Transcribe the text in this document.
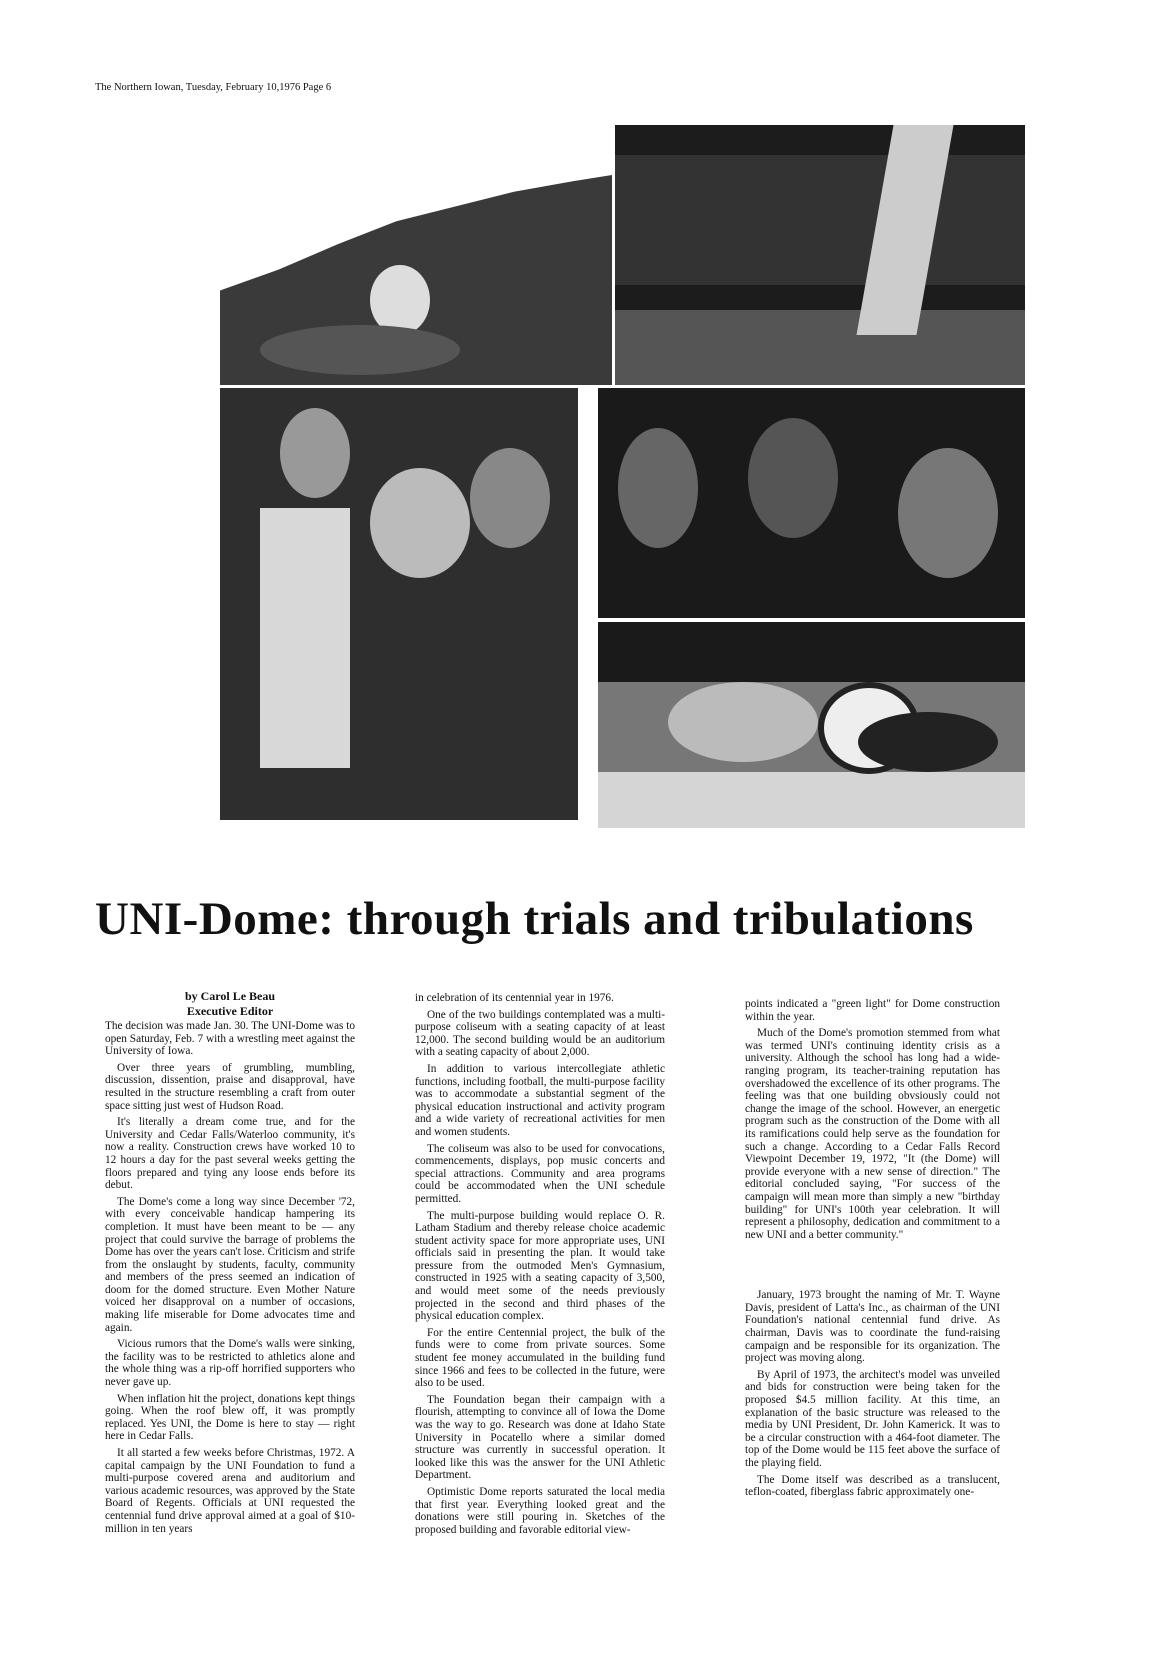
The Northern Iowan, Tuesday, February 10,1976 Page 6
UNI-Dome: through trials and tribulations
by Carol Le Beau
Executive Editor

The decision was made Jan. 30. The UNI-Dome was to open Saturday, Feb. 7 with a wrestling meet against the University of Iowa.

Over three years of grumbling, mumbling, discussion, dissention, praise and disapproval, have resulted in the structure resembling a craft from outer space sitting just west of Hudson Road.

It's literally a dream come true, and for the University and Cedar Falls/Waterloo community, it's now a reality. Construction crews have worked 10 to 12 hours a day for the past several weeks getting the floors prepared and tying any loose ends before its debut.

The Dome's come a long way since December '72, with every conceivable handicap hampering its completion. It must have been meant to be — any project that could survive the barrage of problems the Dome has over the years can't lose. Criticism and strife from the onslaught by students, faculty, community and members of the press seemed an indication of doom for the domed structure. Even Mother Nature voiced her disapproval on a number of occasions, making life miserable for Dome advocates time and again.

Vicious rumors that the Dome's walls were sinking, the facility was to be restricted to athletics alone and the whole thing was a rip-off horrified supporters who never gave up.

When inflation hit the project, donations kept things going. When the roof blew off, it was promptly replaced. Yes UNI, the Dome is here to stay — right here in Cedar Falls.

It all started a few weeks before Christmas, 1972. A capital campaign by the UNI Foundation to fund a multi-purpose covered arena and auditorium and various academic resources, was approved by the State Board of Regents. Officials at UNI requested the centennial fund drive approval aimed at a goal of $10-million in ten years

in celebration of its centennial year in 1976.

One of the two buildings contemplated was a multi-purpose coliseum with a seating capacity of at least 12,000. The second building would be an auditorium with a seating capacity of about 2,000.

In addition to various intercollegiate athletic functions, including football, the multi-purpose facility was to accommodate a substantial segment of the physical education instructional and activity program and a wide variety of recreational activities for men and women students.

The coliseum was also to be used for convocations, commencements, displays, pop music concerts and special attractions. Community and area programs could be accommodated when the UNI schedule permitted.

The multi-purpose building would replace O. R. Latham Stadium and thereby release choice academic student activity space for more appropriate uses, UNI officials said in presenting the plan. It would take pressure from the outmoded Men's Gymnasium, constructed in 1925 with a seating capacity of 3,500, and would meet some of the needs previously projected in the second and third phases of the physical education complex.

For the entire Centennial project, the bulk of the funds were to come from private sources. Some student fee money accumulated in the building fund since 1966 and fees to be collected in the future, were also to be used.

The Foundation began their campaign with a flourish, attempting to convince all of Iowa the Dome was the way to go. Research was done at Idaho State University in Pocatello where a similar domed structure was currently in successful operation. It looked like this was the answer for the UNI Athletic Department.

Optimistic Dome reports saturated the local media that first year. Everything looked great and the donations were still pouring in. Sketches of the proposed building and favorable editorial view-

points indicated a "green light" for Dome construction within the year.

Much of the Dome's promotion stemmed from what was termed UNI's continuing identity crisis as a university. Although the school has long had a wide-ranging program, its teacher-training reputation has overshadowed the excellence of its other programs. The feeling was that one building obvsiously could not change the image of the school. However, an energetic program such as the construction of the Dome with all its ramifications could help serve as the foundation for such a change. According to a Cedar Falls Record Viewpoint December 19, 1972, "It (the Dome) will provide everyone with a new sense of direction." The editorial concluded saying, "For success of the campaign will mean more than simply a new "birthday building" for UNI's 100th year celebration. It will represent a philosophy, dedication and commitment to a new UNI and a better community."

January, 1973 brought the naming of Mr. T. Wayne Davis, president of Latta's Inc., as chairman of the UNI Foundation's national centennial fund drive. As chairman, Davis was to coordinate the fund-raising campaign and be responsible for its organization. The project was moving along.

By April of 1973, the architect's model was unveiled and bids for construction were being taken for the proposed $4.5 million facility. At this time, an explanation of the basic structure was released to the media by UNI President, Dr. John Kamerick. It was to be a circular construction with a 464-foot diameter. The top of the Dome would be 115 feet above the surface of the playing field.

The Dome itself was described as a translucent, teflon-coated, fiberglass fabric approximately one-
